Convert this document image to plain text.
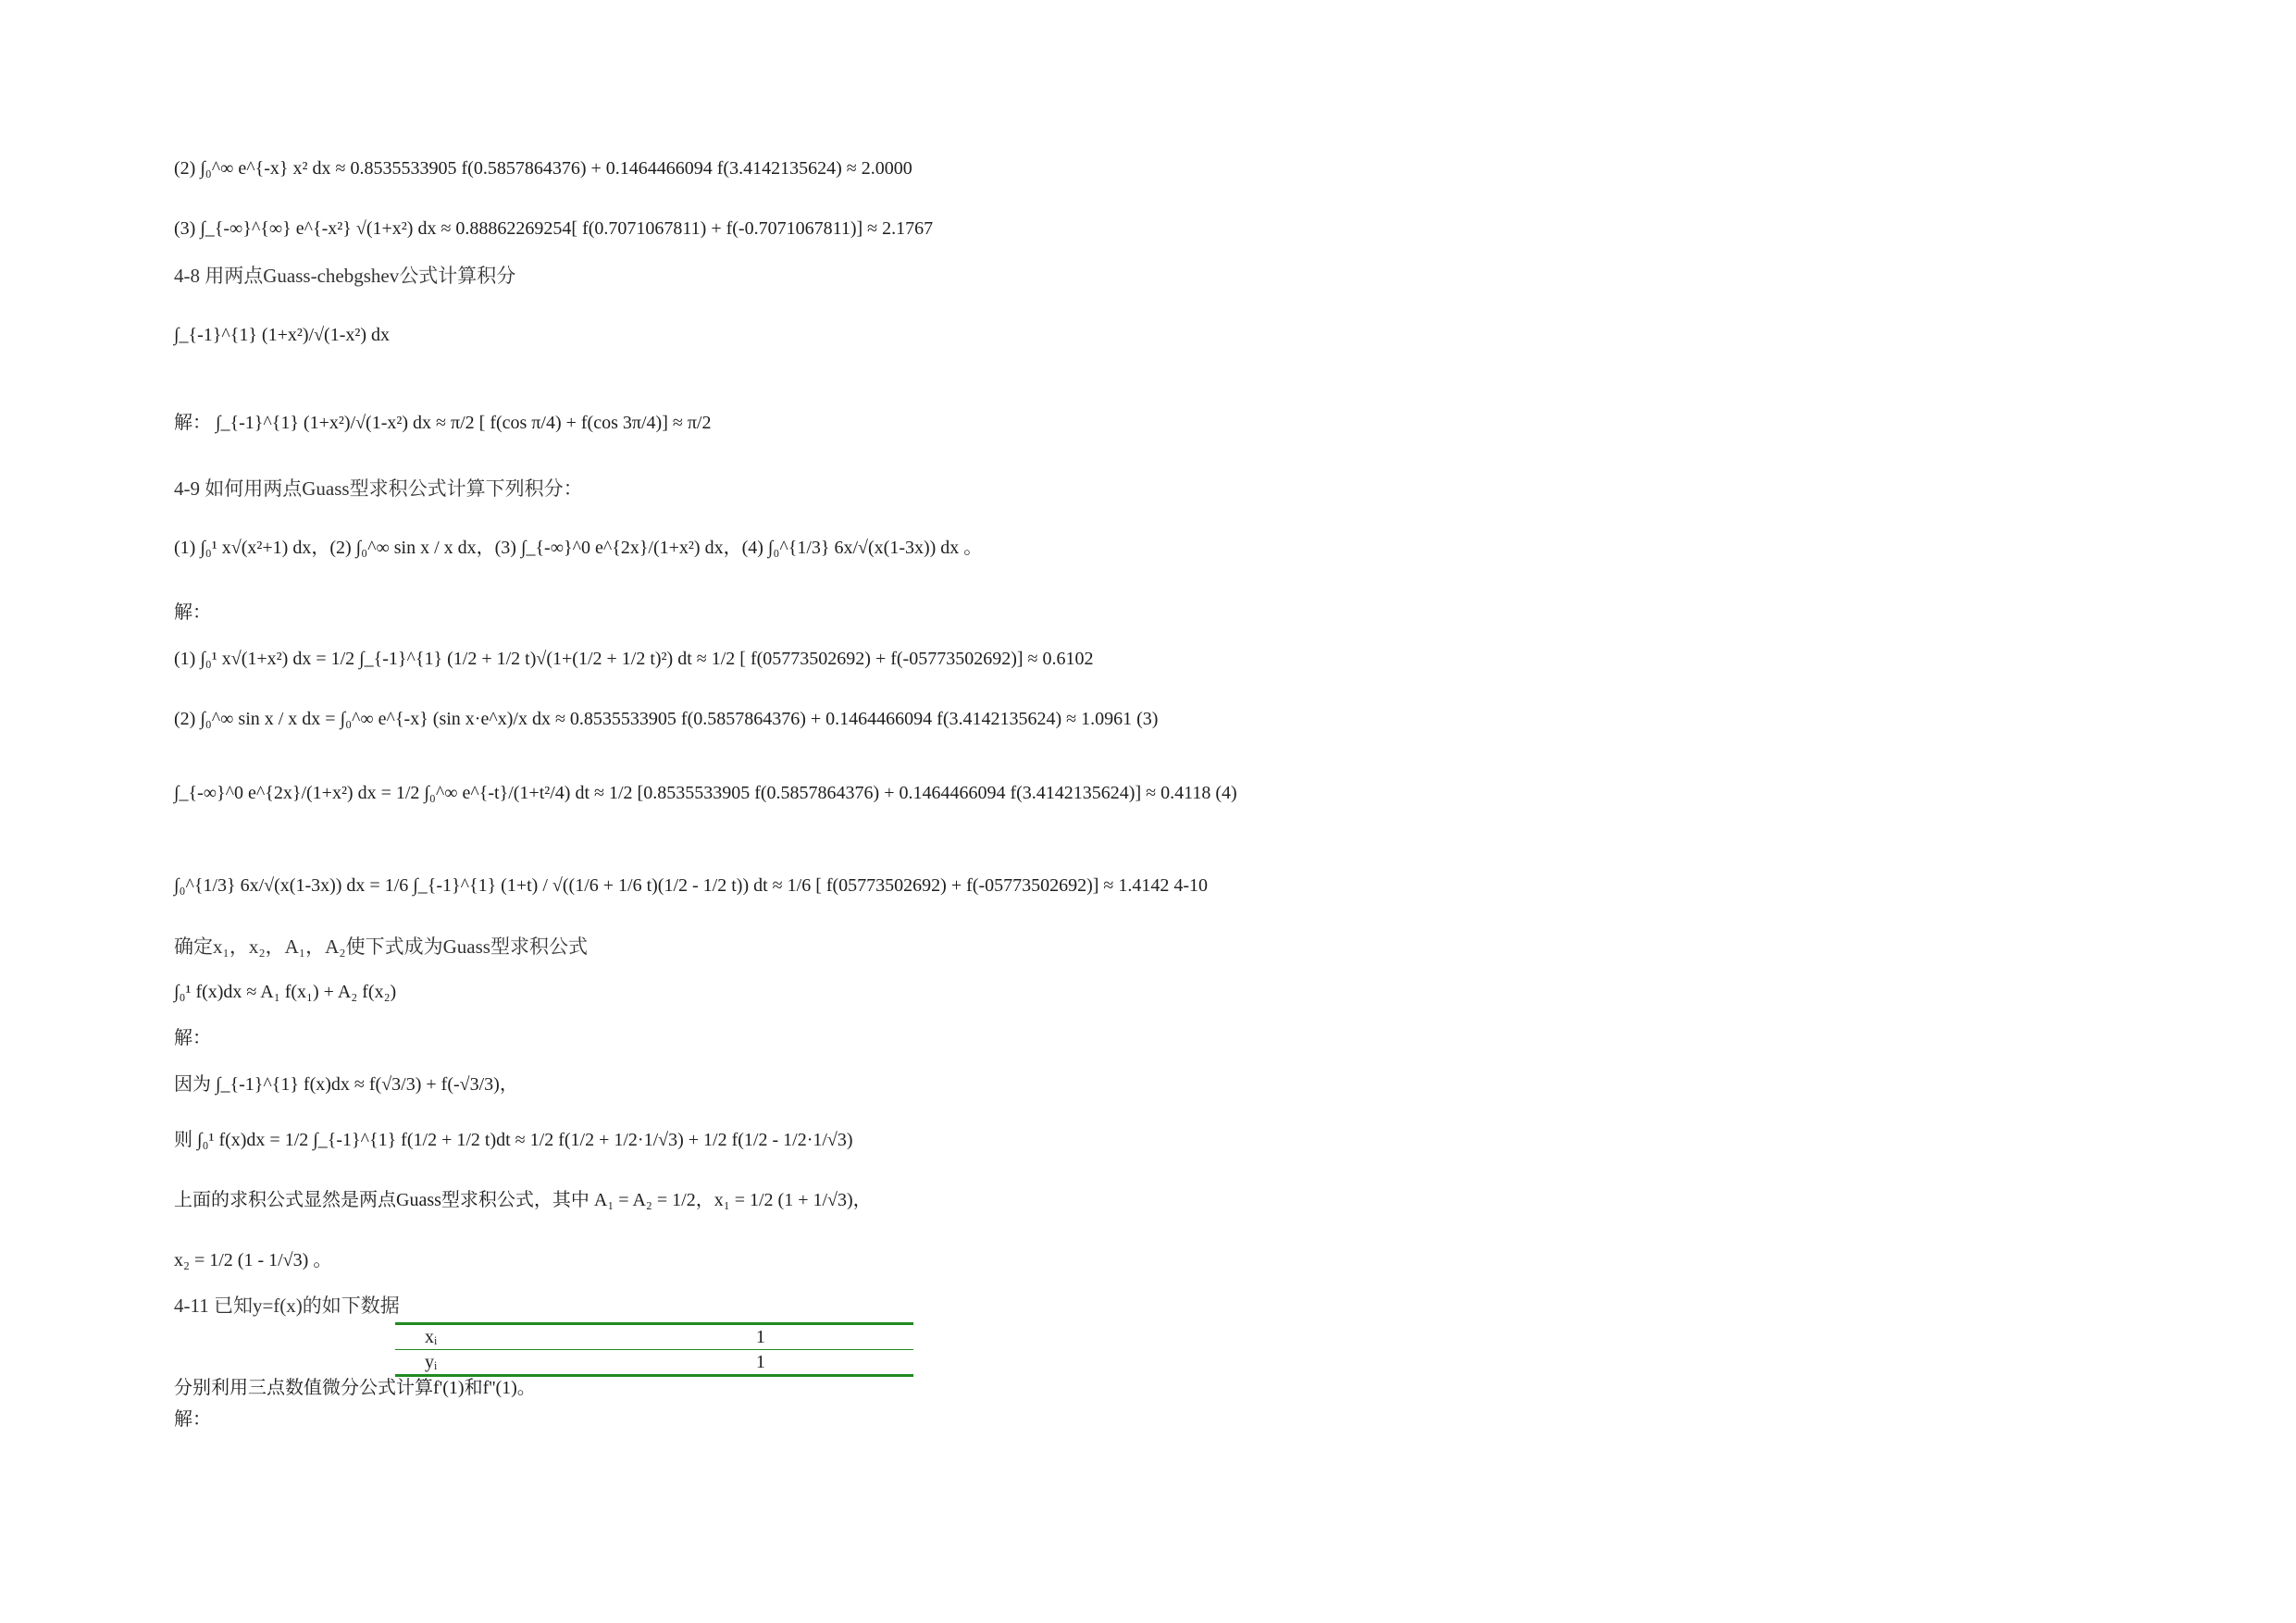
(2) ∫₀^∞ e^{-x} x² dx ≈ 0.8535533905 f(0.5857864376) + 0.1464466094 f(3.4142135624) ≈ 2.0000
(3) ∫_{-∞}^{∞} e^{-x²} √(1+x²) dx ≈ 0.88862269254[ f(0.7071067811) + f(-0.7071067811)] ≈ 2.1767
4-8 用两点Guass-chebgshev公式计算积分
∫_{-1}^{1} (1+x²)/√(1-x²) dx
解： ∫_{-1}^{1} (1+x²)/√(1-x²) dx ≈ π/2 [ f(cos π/4) + f(cos 3π/4)] ≈ π/2
4-9 如何用两点Guass型求积公式计算下列积分：
(1) ∫₀¹ x√(x²+1) dx，(2) ∫₀^∞ sin x / x dx，(3) ∫_{-∞}^0 e^{2x}/(1+x²) dx，(4) ∫₀^{1/3} 6x/√(x(1-3x)) dx 。
解：
(1) ∫₀¹ x√(1+x²) dx = 1/2 ∫_{-1}^{1} (1/2 + 1/2 t)√(1+(1/2 + 1/2 t)²) dt ≈ 1/2 [ f(05773502692) + f(-05773502692)] ≈ 0.6102
(2) ∫₀^∞ sin x / x dx = ∫₀^∞ e^{-x} (sin x·e^x)/x dx ≈ 0.8535533905 f(0.5857864376) + 0.1464466094 f(3.4142135624) ≈ 1.0961 (3)
∫_{-∞}^0 e^{2x}/(1+x²) dx = 1/2 ∫₀^∞ e^{-t}/(1+t²/4) dt ≈ 1/2 [0.8535533905 f(0.5857864376) + 0.1464466094 f(3.4142135624)] ≈ 0.4118 (4)
∫₀^{1/3} 6x/√(x(1-3x)) dx = 1/6 ∫_{-1}^{1} (1+t) / √((1/6 + 1/6 t)(1/2 - 1/2 t)) dt ≈ 1/6 [ f(05773502692) + f(-05773502692)] ≈ 1.4142 4-10
确定x₁，x₂，A₁，A₂使下式成为Guass型求积公式
∫₀¹ f(x)dx ≈ A₁ f(x₁) + A₂ f(x₂)
解：
因为 ∫_{-1}^{1} f(x)dx ≈ f(√3/3) + f(-√3/3)，
则 ∫₀¹ f(x)dx = 1/2 ∫_{-1}^{1} f(1/2 + 1/2 t)dt ≈ 1/2 f(1/2 + 1/2·1/√3) + 1/2 f(1/2 - 1/2·1/√3)
上面的求积公式显然是两点Guass型求积公式，其中 A₁ = A₂ = 1/2，x₁ = 1/2 (1 + 1/√3)，
x₂ = 1/2 (1 - 1/√3) 。
4-11 已知y=f(x)的如下数据
xᵢ	1
yᵢ	1
分别利用三点数值微分公式计算f'(1)和f''(1)。
解：
